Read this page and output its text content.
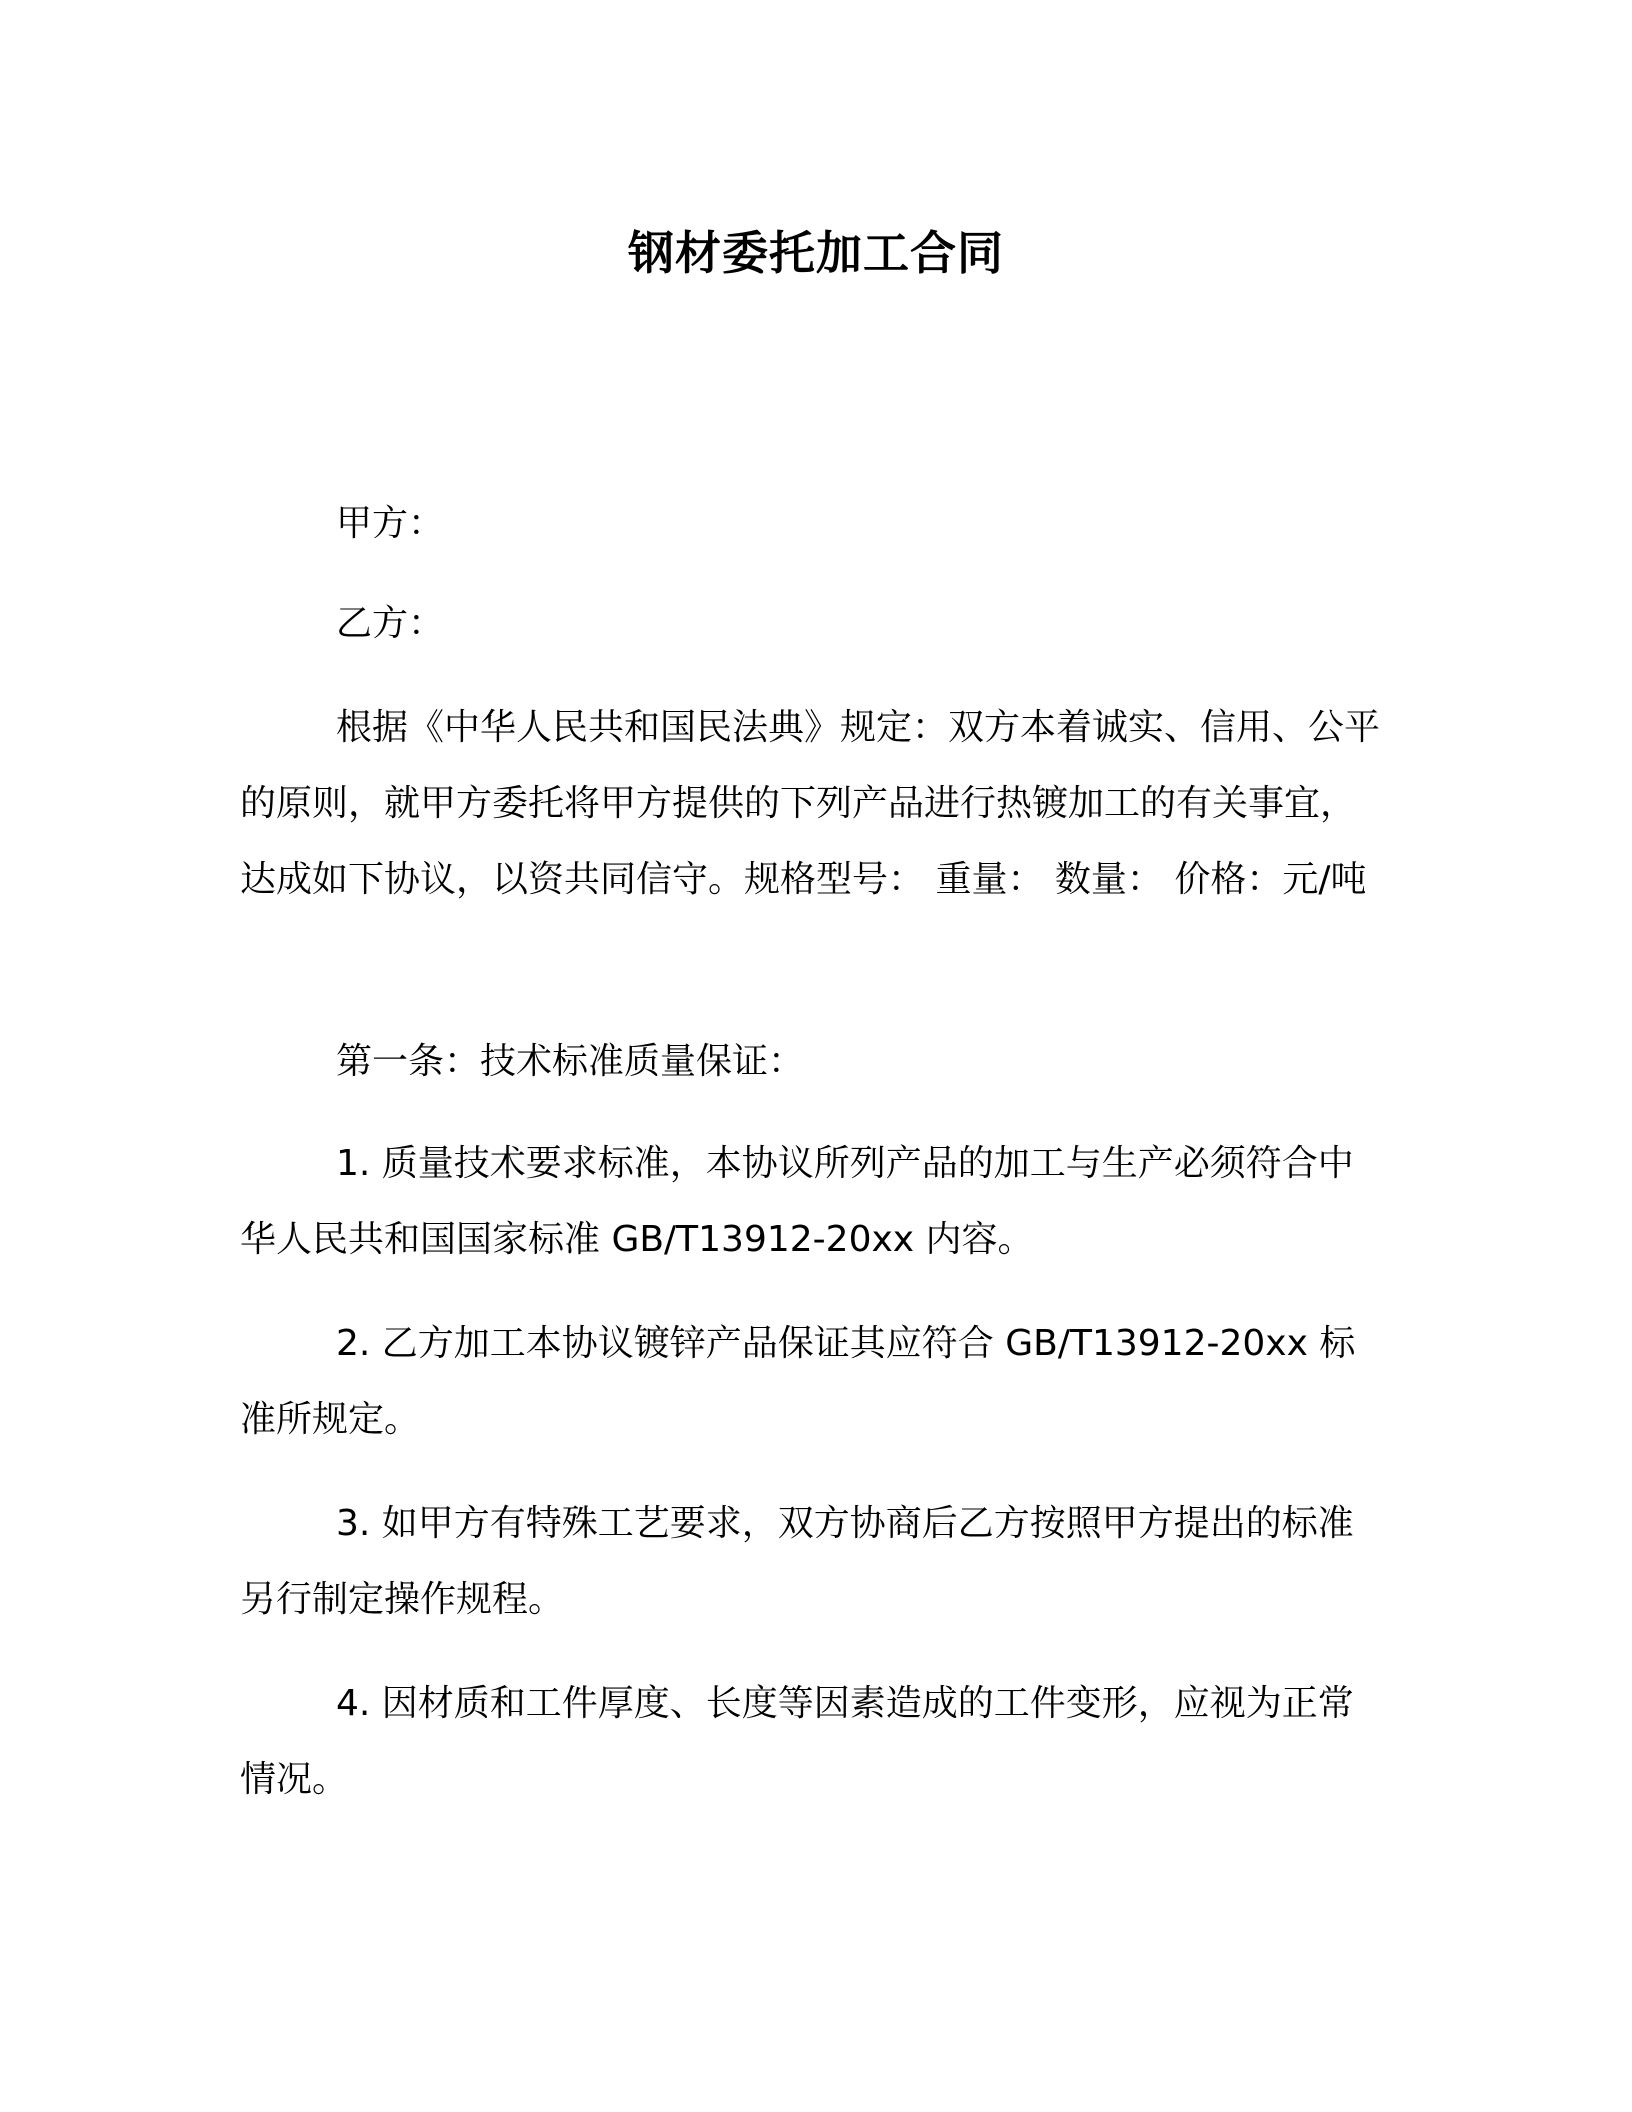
钢材委托加工合同

甲方：

乙方：

根据《中华人民共和国民法典》规定：双方本着诚实、信用、公平的原则，就甲方委托将甲方提供的下列产品进行热镀加工的有关事宜，达成如下协议，以资共同信守。规格型号： 重量： 数量： 价格：元/吨

第一条：技术标准质量保证：

1. 质量技术要求标准，本协议所列产品的加工与生产必须符合中华人民共和国国家标准 GB/T13912-20xx 内容。

2. 乙方加工本协议镀锌产品保证其应符合 GB/T13912-20xx 标准所规定。

3. 如甲方有特殊工艺要求，双方协商后乙方按照甲方提出的标准另行制定操作规程。

4. 因材质和工件厚度、长度等因素造成的工件变形，应视为正常情况。
